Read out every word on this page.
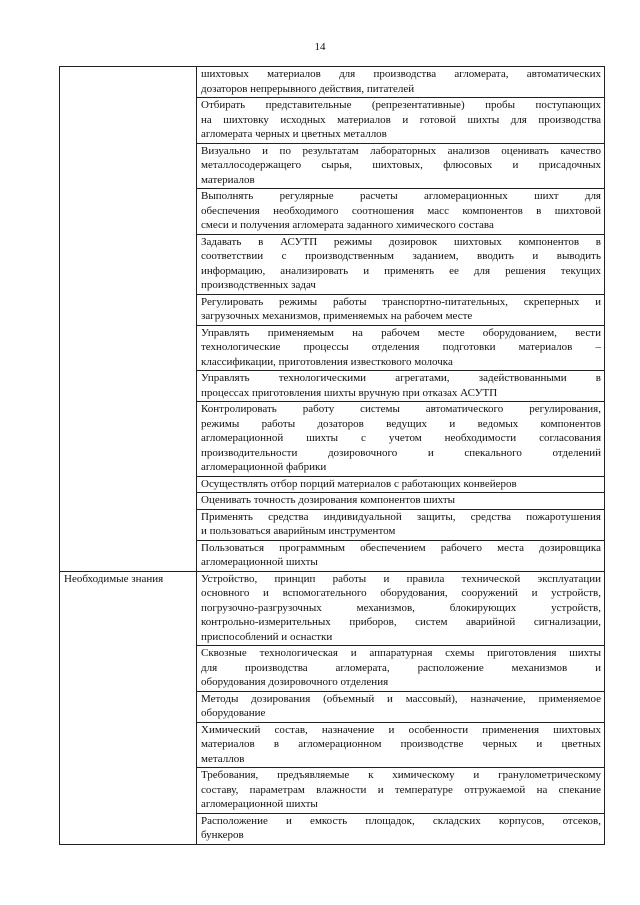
14

	шихтовых материалов для производства агломерата, автоматических
дозаторов непрерывного действия, питателей

	Отбирать представительные (репрезентативные) пробы поступающих
на шихтовку исходных материалов и готовой шихты для производства
агломерата черных и цветных металлов

	Визуально и по результатам лабораторных анализов оценивать качество
металлосодержащего сырья, шихтовых, флюсовых и присадочных
материалов

	Выполнять регулярные расчеты агломерационных шихт для
обеспечения необходимого соотношения масс компонентов в шихтовой
смеси и получения агломерата заданного химического состава

	Задавать в АСУТП режимы дозировок шихтовых компонентов в
соответствии с производственным заданием, вводить и выводить
информацию, анализировать и применять ее для решения текущих
производственных задач

	Регулировать режимы работы транспортно-питательных, скреперных и
загрузочных механизмов, применяемых на рабочем месте

	Управлять применяемым на рабочем месте оборудованием, вести
технологические процессы отделения подготовки материалов –
классификации, приготовления известкового молочка

	Управлять технологическими агрегатами, задействованными в
процессах приготовления шихты вручную при отказах АСУТП

	Контролировать работу системы автоматического регулирования,
режимы работы дозаторов ведущих и ведомых компонентов
агломерационной шихты с учетом необходимости согласования
производительности дозировочного и спекального отделений
агломерационной фабрики

	Осуществлять отбор порций материалов с работающих конвейеров

	Оценивать точность дозирования компонентов шихты

	Применять средства индивидуальной защиты, средства пожаротушения
и пользоваться аварийным инструментом

	Пользоваться программным обеспечением рабочего места дозировщика
агломерационной шихты

Необходимые знания	Устройство, принцип работы и правила технической эксплуатации
основного и вспомогательного оборудования, сооружений и устройств,
погрузочно-разгрузочных механизмов, блокирующих устройств,
контрольно-измерительных приборов, систем аварийной сигнализации,
приспособлений и оснастки

	Сквозные технологическая и аппаратурная схемы приготовления шихты
для производства агломерата, расположение механизмов и
оборудования дозировочного отделения

	Методы дозирования (объемный и массовый), назначение, применяемое
оборудование

	Химический состав, назначение и особенности применения шихтовых
материалов в агломерационном производстве черных и цветных
металлов

	Требования, предъявляемые к химическому и гранулометрическому
составу, параметрам влажности и температуре отгружаемой на спекание
агломерационной шихты

	Расположение и емкость площадок, складских корпусов, отсеков,
бункеров
